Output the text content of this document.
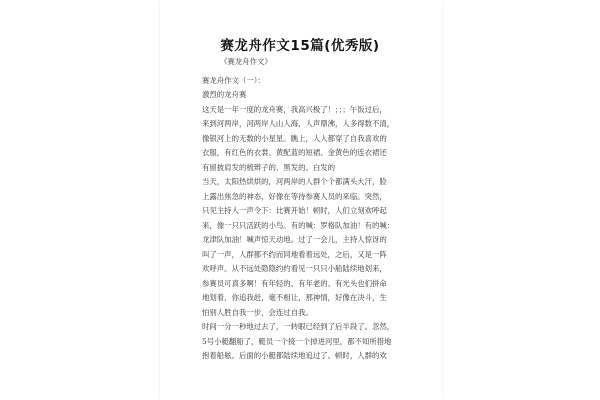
赛龙舟作文15篇(优秀版)
《赛龙舟作文》
赛龙舟作文（一）：
激烈的龙舟赛
这天是一年一度的龙舟赛，我高兴极了！；；；午饭过后，
来到河两岸，河两岸人山人海，人声鼎沸，人多得数不清，
像银河上的无数的小星星。瞧上，人人都穿了自我喜欢的
衣服，有红色的衣裳、黄配蓝的短裙、金黄色的连衣裙还
有留披肩发的梳辫子的、黑发的、白发的
当天，太阳热烘烘的，河两岸的人群个个都满头大汗，脸
上露出焦急的神态，好像在等待参赛人员的来临。突然，
只见主持人一声令下：比赛开始！顿时，人们立刻欢呼起
来，像一只只活跃的小鸟。有的喊：罗格队加油！有的喊：
龙津队加油！喊声惊天动地。过了一会儿，主持人惊讶的
叫了一声，人群都不约而同地看着远处，之后，又是一阵
欢呼声。从不远处隐隐约约看见一只只小船陆续地划来，
参赛员可真多啊！有年轻的、有年老的、有光头也们拼命
地划着，你追我赶，毫不相让，那神情，好像在决斗，生
怕别人胜自我一步，会连过自我。
时间一分一秒地过去了，一转眼已经到了后半段了。忽然，
5号小艇翻船了，艇员一个接一个掉进河里，都不知所措地
抱着船舷。后面的小艇都陆续地追过了。顿时，人群的欢
